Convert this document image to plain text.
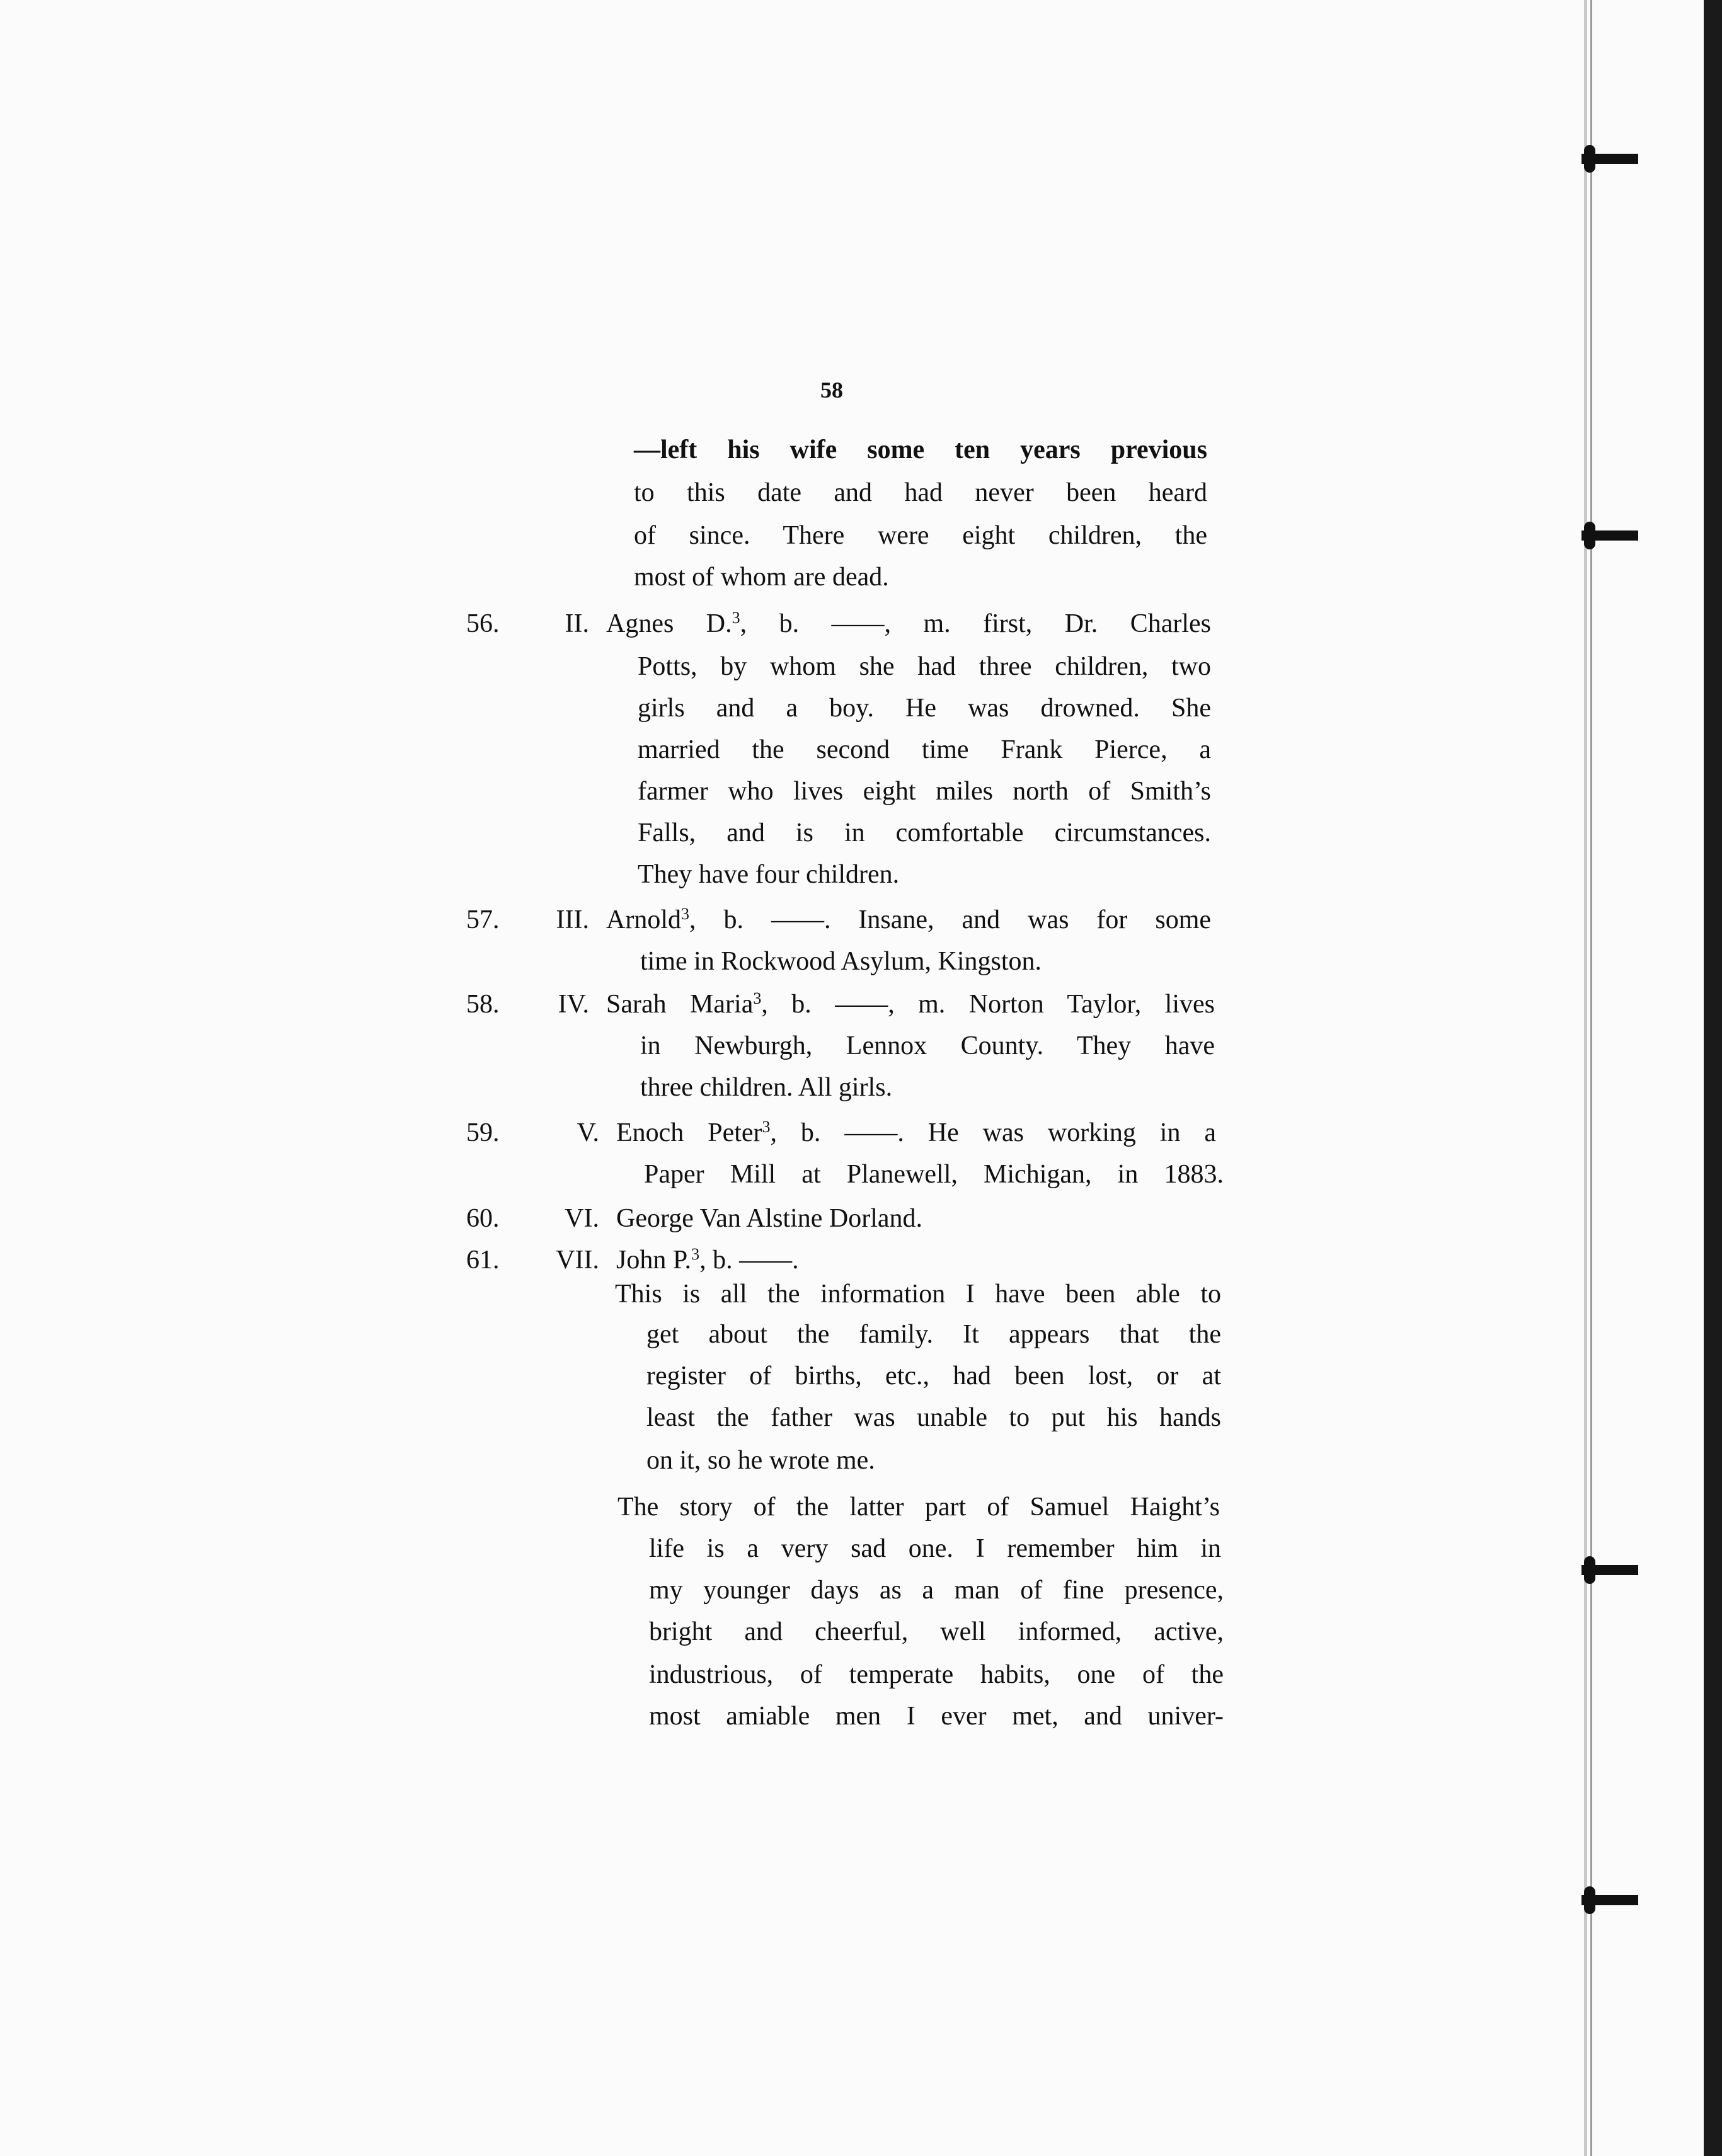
58
—left his wife some ten years previous
to this date and had never been heard
of since. There were eight children, the
most of whom are dead.
56.	II. Agnes D.$^3$, b. ——, m. first, Dr. Charles
Potts, by whom she had three children, two
girls and a boy. He was drowned. She
married the second time Frank Pierce, a
farmer who lives eight miles north of Smith’s
Falls, and is in comfortable circumstances.
They have four children.
57.	III. Arnold$^3$, b. ——. Insane, and was for some
time in Rockwood Asylum, Kingston.
58.	IV. Sarah Maria$^3$, b. ——, m. Norton Taylor, lives
in Newburgh, Lennox County. They have
three children. All girls.
59.	V. Enoch Peter$^3$, b. ——. He was working in a
Paper Mill at Planewell, Michigan, in 1883.
60.	VI. George Van Alstine Dorland.
61.	VII. John P.$^3$, b. ——.
This is all the information I have been able to
get about the family. It appears that the
register of births, etc., had been lost, or at
least the father was unable to put his hands
on it, so he wrote me.
The story of the latter part of Samuel Haight’s
life is a very sad one. I remember him in
my younger days as a man of fine presence,
bright and cheerful, well informed, active,
industrious, of temperate habits, one of the
most amiable men I ever met, and univer-
